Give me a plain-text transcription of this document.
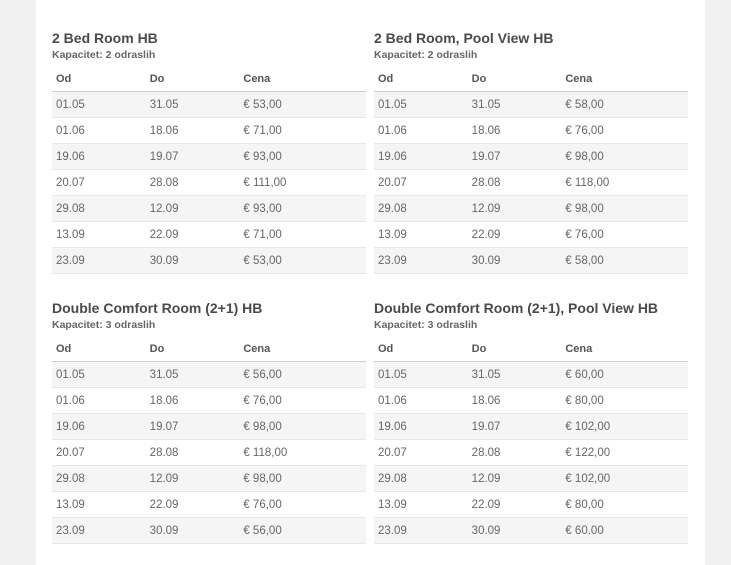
2 Bed Room HB
Kapacitet: 2 odraslih
Od	Do	Cena
01.05	31.05	€ 53,00
01.06	18.06	€ 71,00
19.06	19.07	€ 93,00
20.07	28.08	€ 111,00
29.08	12.09	€ 93,00
13.09	22.09	€ 71,00
23.09	30.09	€ 53,00
2 Bed Room, Pool View HB
Kapacitet: 2 odraslih
Od	Do	Cena
01.05	31.05	€ 58,00
01.06	18.06	€ 76,00
19.06	19.07	€ 98,00
20.07	28.08	€ 118,00
29.08	12.09	€ 98,00
13.09	22.09	€ 76,00
23.09	30.09	€ 58,00
Double Comfort Room (2+1) HB
Kapacitet: 3 odraslih
Od	Do	Cena
01.05	31.05	€ 56,00
01.06	18.06	€ 76,00
19.06	19.07	€ 98,00
20.07	28.08	€ 118,00
29.08	12.09	€ 98,00
13.09	22.09	€ 76,00
23.09	30.09	€ 56,00
Double Comfort Room (2+1), Pool View HB
Kapacitet: 3 odraslih
Od	Do	Cena
01.05	31.05	€ 60,00
01.06	18.06	€ 80,00
19.06	19.07	€ 102,00
20.07	28.08	€ 122,00
29.08	12.09	€ 102,00
13.09	22.09	€ 80,00
23.09	30.09	€ 60.00
